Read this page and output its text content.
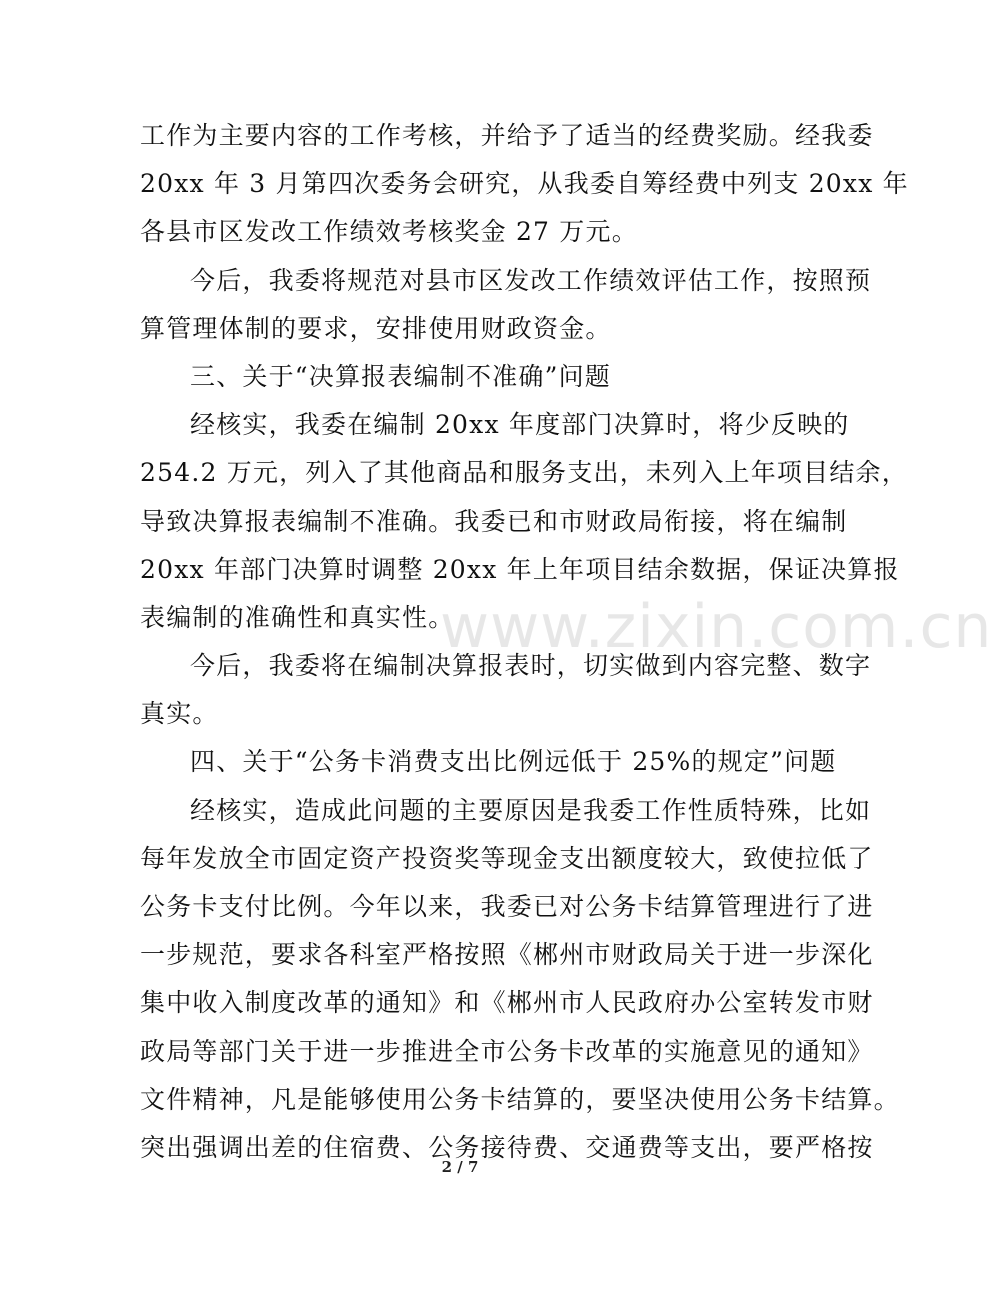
工作为主要内容的工作考核，并给予了适当的经费奖励。经我委
20xx 年 3 月第四次委务会研究，从我委自筹经费中列支 20xx 年
各县市区发改工作绩效考核奖金 27 万元。
今后，我委将规范对县市区发改工作绩效评估工作，按照预
算管理体制的要求，安排使用财政资金。
三、关于“决算报表编制不准确”问题
经核实，我委在编制 20xx 年度部门决算时，将少反映的
254.2 万元，列入了其他商品和服务支出，未列入上年项目结余，
导致决算报表编制不准确。我委已和市财政局衔接，将在编制
20xx 年部门决算时调整 20xx 年上年项目结余数据，保证决算报
表编制的准确性和真实性。
今后，我委将在编制决算报表时，切实做到内容完整、数字
真实。
四、关于“公务卡消费支出比例远低于 25%的规定”问题
经核实，造成此问题的主要原因是我委工作性质特殊，比如
每年发放全市固定资产投资奖等现金支出额度较大，致使拉低了
公务卡支付比例。今年以来，我委已对公务卡结算管理进行了进
一步规范，要求各科室严格按照《郴州市财政局关于进一步深化
集中收入制度改革的通知》和《郴州市人民政府办公室转发市财
政局等部门关于进一步推进全市公务卡改革的实施意见的通知》
文件精神，凡是能够使用公务卡结算的，要坚决使用公务卡结算。
突出强调出差的住宿费、公务接待费、交通费等支出，要严格按
www.zixin.com.cn
2 / 7
